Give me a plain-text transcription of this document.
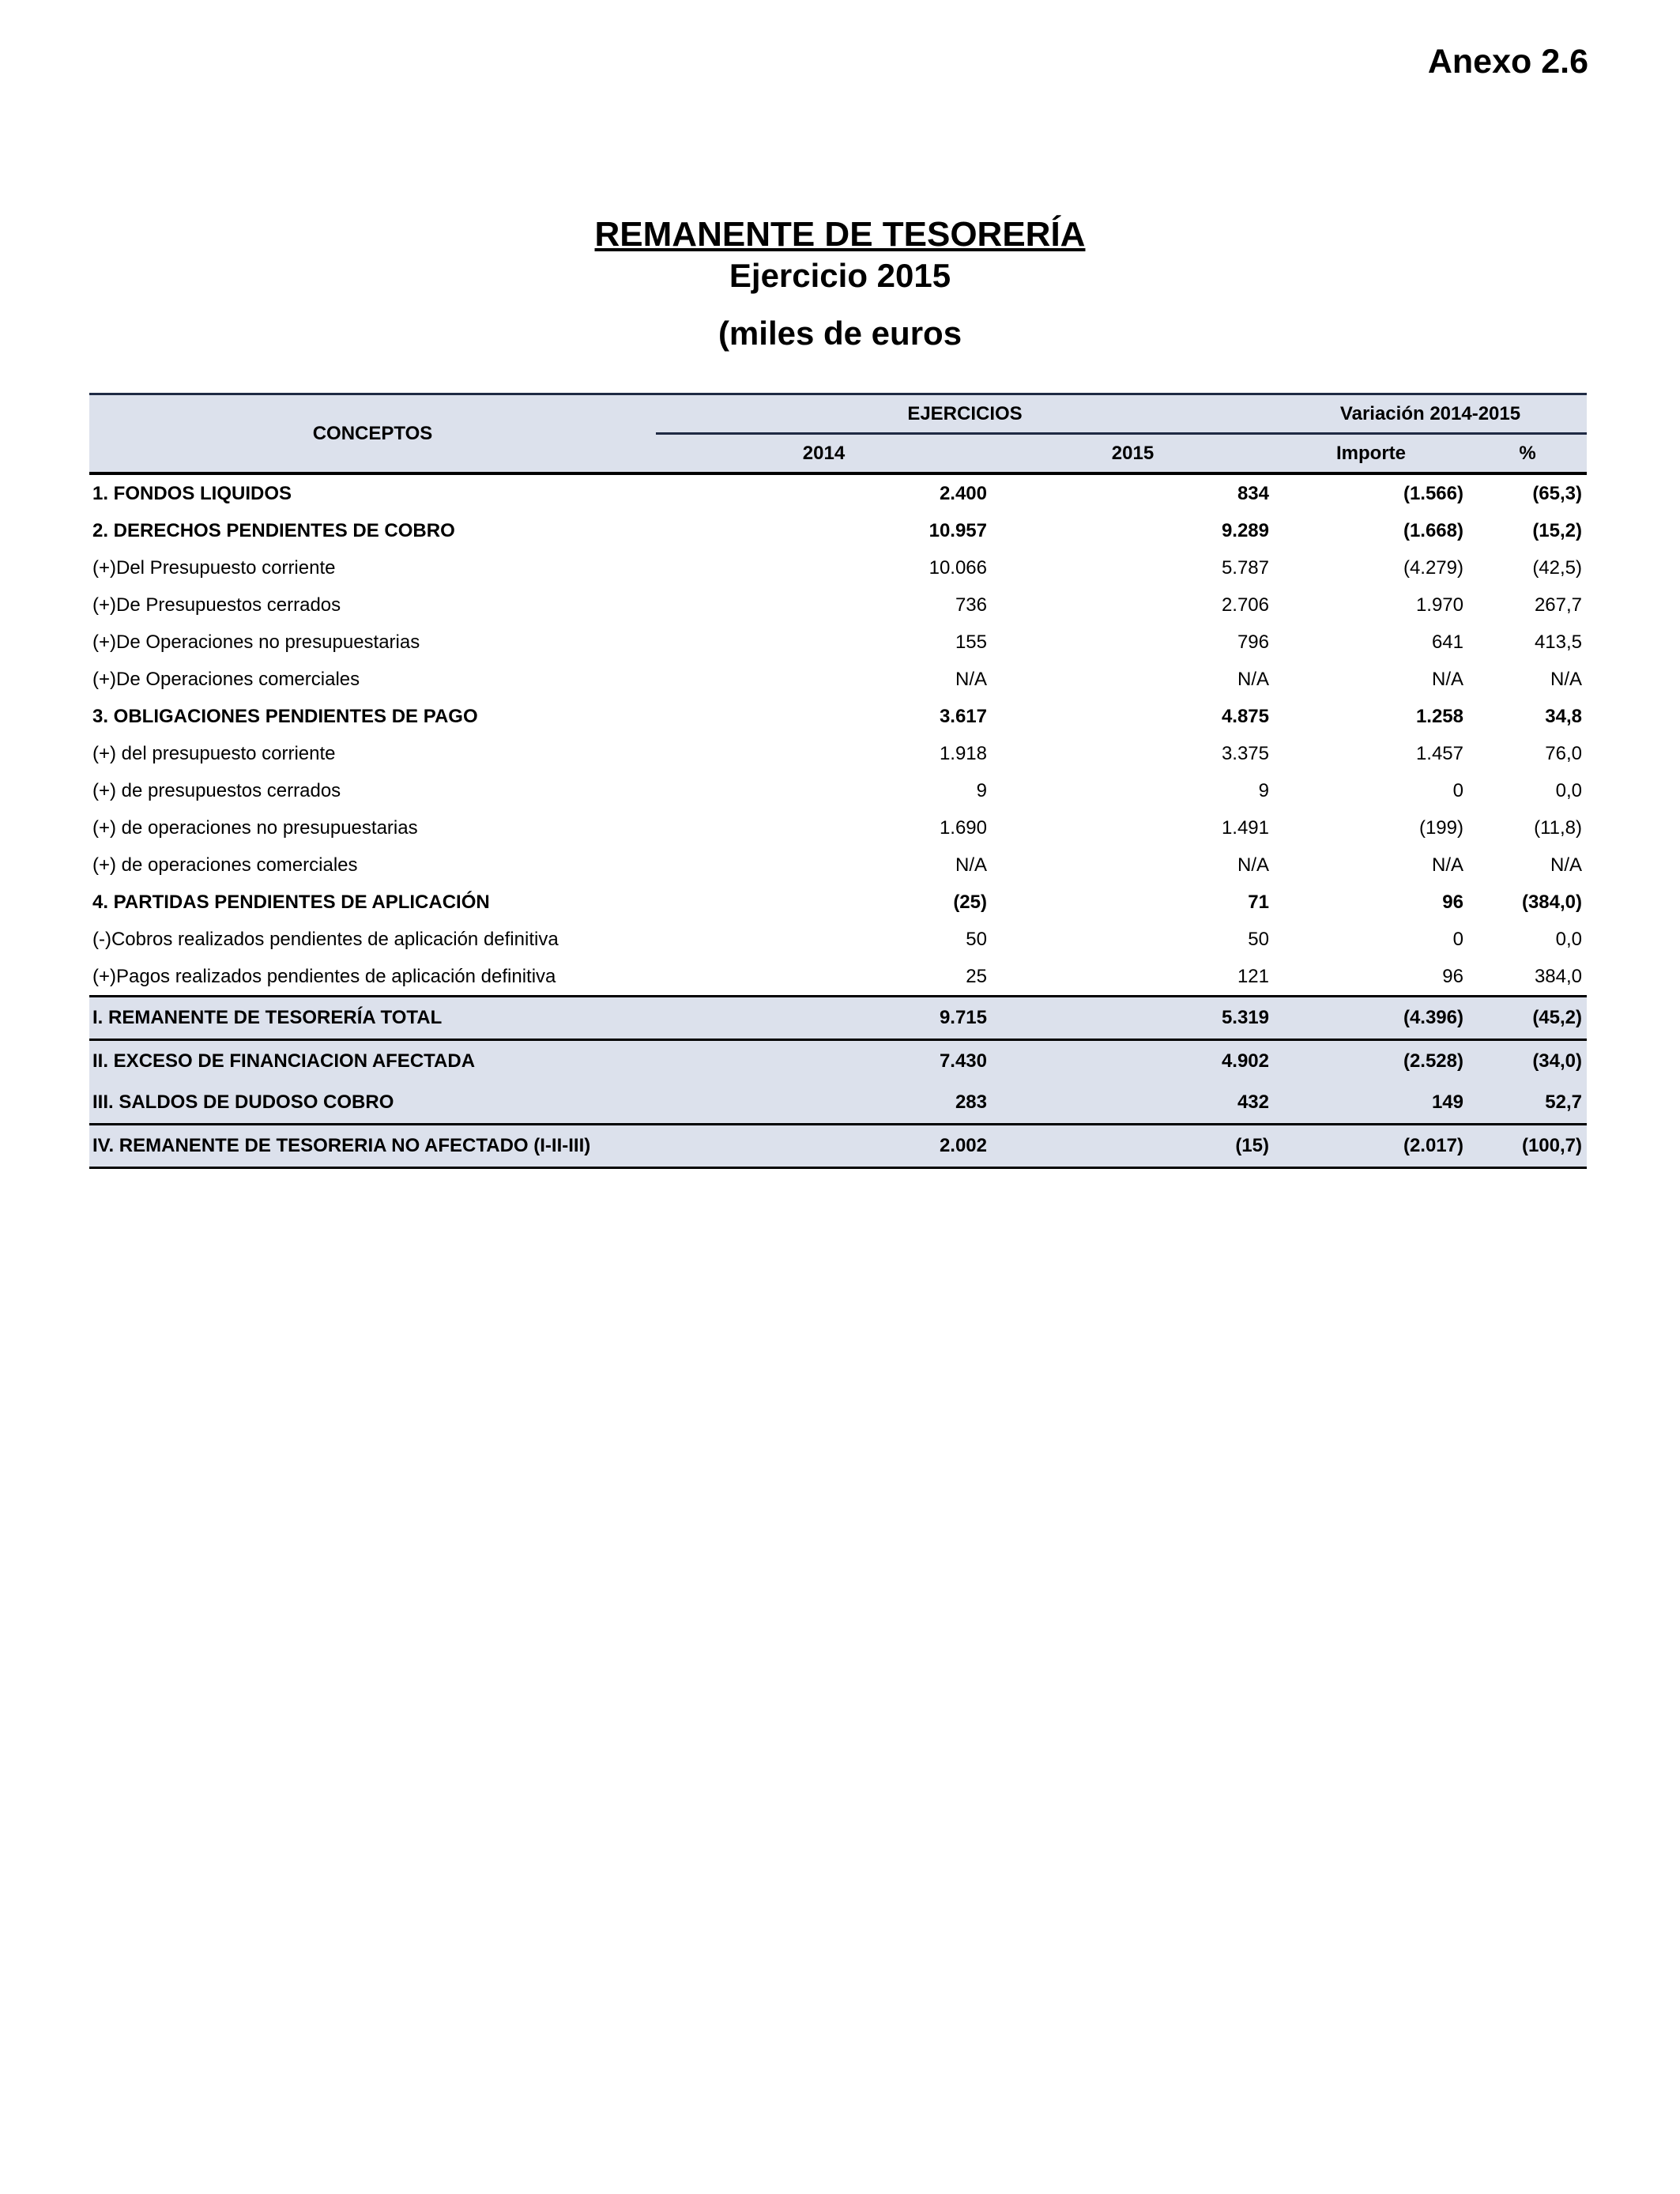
Anexo 2.6
REMANENTE DE TESORERÍA
Ejercicio 2015
(miles de euros
CONCEPTOS	EJERCICIOS		Variación 2014-2015	
	2014	2015	Importe	%
1. FONDOS LIQUIDOS	2.400	834	(1.566)	(65,3)
2. DERECHOS PENDIENTES DE COBRO	10.957	9.289	(1.668)	(15,2)
(+)Del Presupuesto corriente	10.066	5.787	(4.279)	(42,5)
(+)De Presupuestos cerrados	736	2.706	1.970	267,7
(+)De Operaciones no presupuestarias	155	796	641	413,5
(+)De Operaciones comerciales	N/A	N/A	N/A	N/A
3. OBLIGACIONES PENDIENTES DE PAGO	3.617	4.875	1.258	34,8
(+) del presupuesto corriente	1.918	3.375	1.457	76,0
(+) de presupuestos cerrados	9	9	0	0,0
(+) de operaciones no presupuestarias	1.690	1.491	(199)	(11,8)
(+) de operaciones comerciales	N/A	N/A	N/A	N/A
4. PARTIDAS PENDIENTES DE APLICACIÓN	(25)	71	96	(384,0)
(-)Cobros realizados pendientes de aplicación definitiva	50	50	0	0,0
(+)Pagos realizados pendientes de aplicación definitiva	25	121	96	384,0
I. REMANENTE DE TESORERÍA TOTAL	9.715	5.319	(4.396)	(45,2)
II. EXCESO DE FINANCIACION AFECTADA	7.430	4.902	(2.528)	(34,0)
III. SALDOS DE DUDOSO COBRO	283	432	149	52,7
IV. REMANENTE DE TESORERIA NO AFECTADO (I-II-III)	2.002	(15)	(2.017)	(100,7)
